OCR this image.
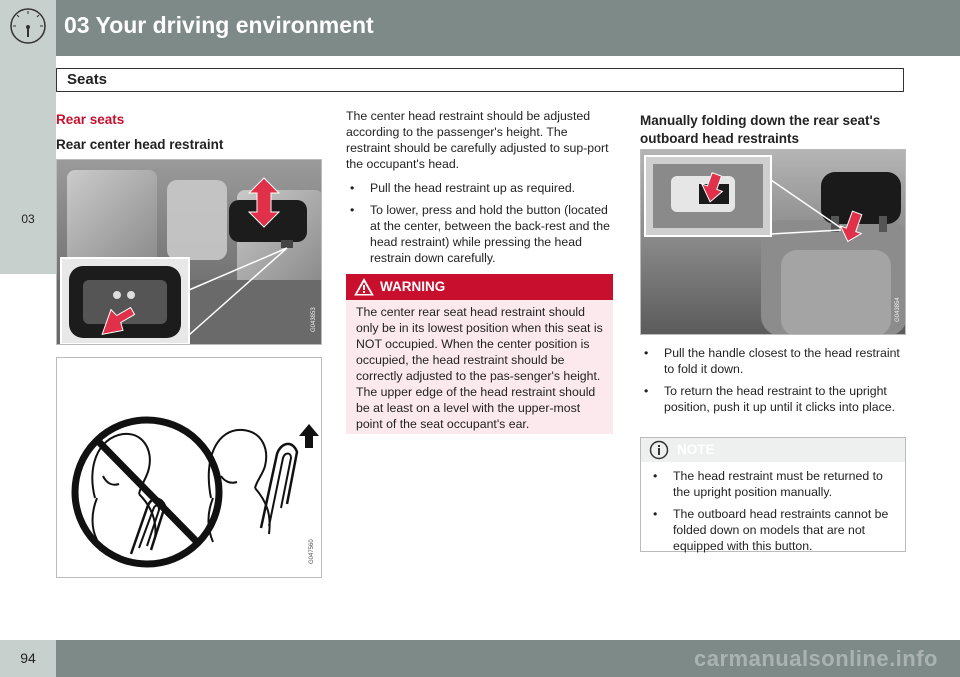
03 Your driving environment
Seats
03
Rear seats
Rear center head restraint
G043853
G047560
The center head restraint should be adjusted according to the passenger's height. The restraint should be carefully adjusted to sup-port the occupant's head.
• Pull the head restraint up as required.
• To lower, press and hold the button (located at the center, between the back-rest and the head restraint) while pressing the head restrain down carefully.
WARNING
The center rear seat head restraint should only be in its lowest position when this seat is NOT occupied. When the center position is occupied, the head restraint should be correctly adjusted to the pas-senger's height. The upper edge of the head restraint should be at least on a level with the upper-most point of the seat occupant's ear.
Manually folding down the rear seat's outboard head restraints
G043854
• Pull the handle closest to the head restraint to fold it down.
• To return the head restraint to the upright position, push it up until it clicks into place.
NOTE
• The head restraint must be returned to the upright position manually.
• The outboard head restraints cannot be folded down on models that are not equipped with this button.
94	carmanualsonline.info
